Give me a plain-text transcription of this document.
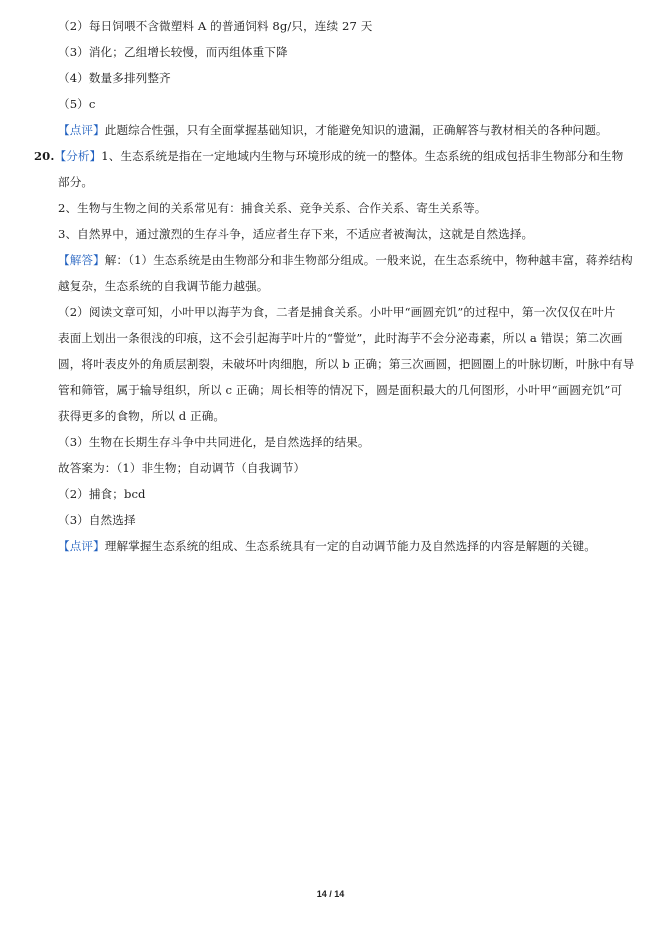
（2）每日饲喂不含微塑料 A 的普通饲料 8g/只，连续 27 天
（3）消化；乙组增长较慢，而丙组体重下降
（4）数量多排列整齐
（5）c
【点评】此题综合性强，只有全面掌握基础知识，才能避免知识的遗漏，正确解答与教材相关的各种问题。
20.【分析】1、生态系统是指在一定地域内生物与环境形成的统一的整体。生态系统的组成包括非生物部分和生物
部分。
2、生物与生物之间的关系常见有：捕食关系、竞争关系、合作关系、寄生关系等。
3、自然界中，通过激烈的生存斗争，适应者生存下来，不适应者被淘汰，这就是自然选择。
【解答】解：（1）生态系统是由生物部分和非生物部分组成。一般来说，在生态系统中，物种越丰富，蒋养结构
越复杂，生态系统的自我调节能力越强。
（2）阅读文章可知，小叶甲以海芋为食，二者是捕食关系。小叶甲“画圆充饥”的过程中，第一次仅仅在叶片
表面上划出一条很浅的印痕，这不会引起海芋叶片的“警觉”，此时海芋不会分泌毒素，所以 a 错误；第二次画
圆，将叶表皮外的角质层割裂，未破坏叶肉细胞，所以 b 正确；第三次画圆，把圆圈上的叶脉切断，叶脉中有导
管和筛管，属于输导组织，所以 c 正确；周长相等的情况下，圆是面积最大的几何图形，小叶甲“画圆充饥”可
获得更多的食物，所以 d 正确。
（3）生物在长期生存斗争中共同进化，是自然选择的结果。
故答案为：（1）非生物；自动调节（自我调节）
（2）捕食；bcd
（3）自然选择
【点评】理解掌握生态系统的组成、生态系统具有一定的自动调节能力及自然选择的内容是解题的关键。
14 / 14
